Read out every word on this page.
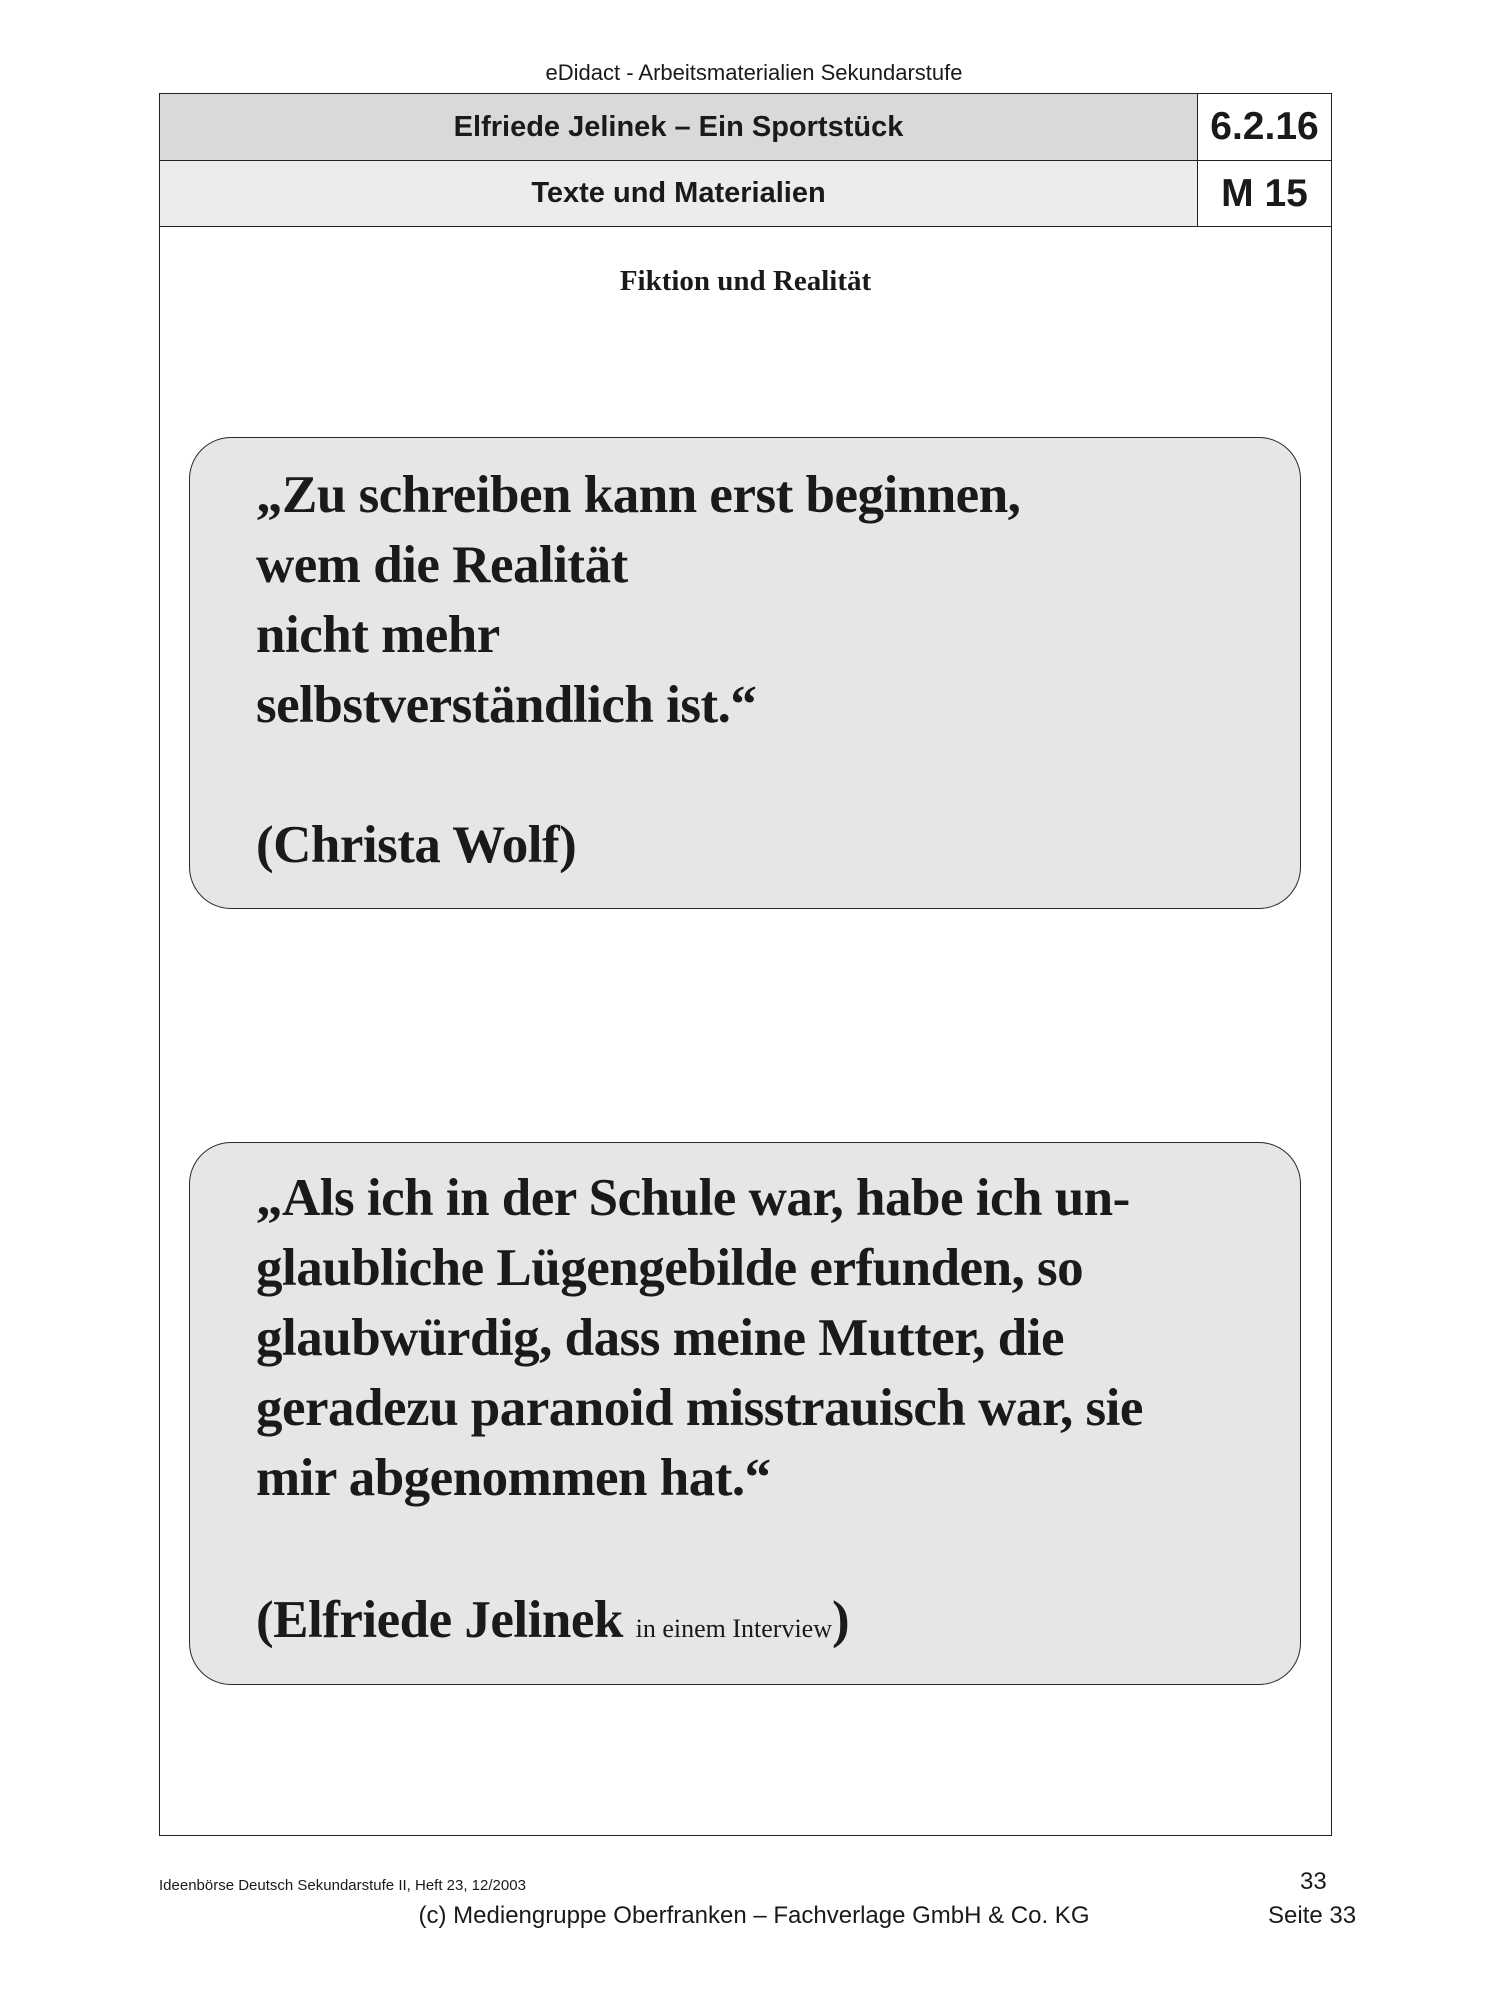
eDidact - Arbeitsmaterialien Sekundarstufe
Elfriede Jelinek – Ein Sportstück	6.2.16
Texte und Materialien	M 15
Fiktion und Realität
„Zu schreiben kann erst beginnen,
wem die Realität
nicht mehr
selbstverständlich ist.“
(Christa Wolf)
„Als ich in der Schule war, habe ich un-
glaubliche Lügengebilde erfunden, so
glaubwürdig, dass meine Mutter, die
geradezu paranoid misstrauisch war, sie
mir abgenommen hat.“
(Elfriede Jelinek in einem Interview)
Ideenbörse Deutsch Sekundarstufe II, Heft 23, 12/2003	33
(c) Mediengruppe Oberfranken – Fachverlage GmbH & Co. KG	Seite 33
